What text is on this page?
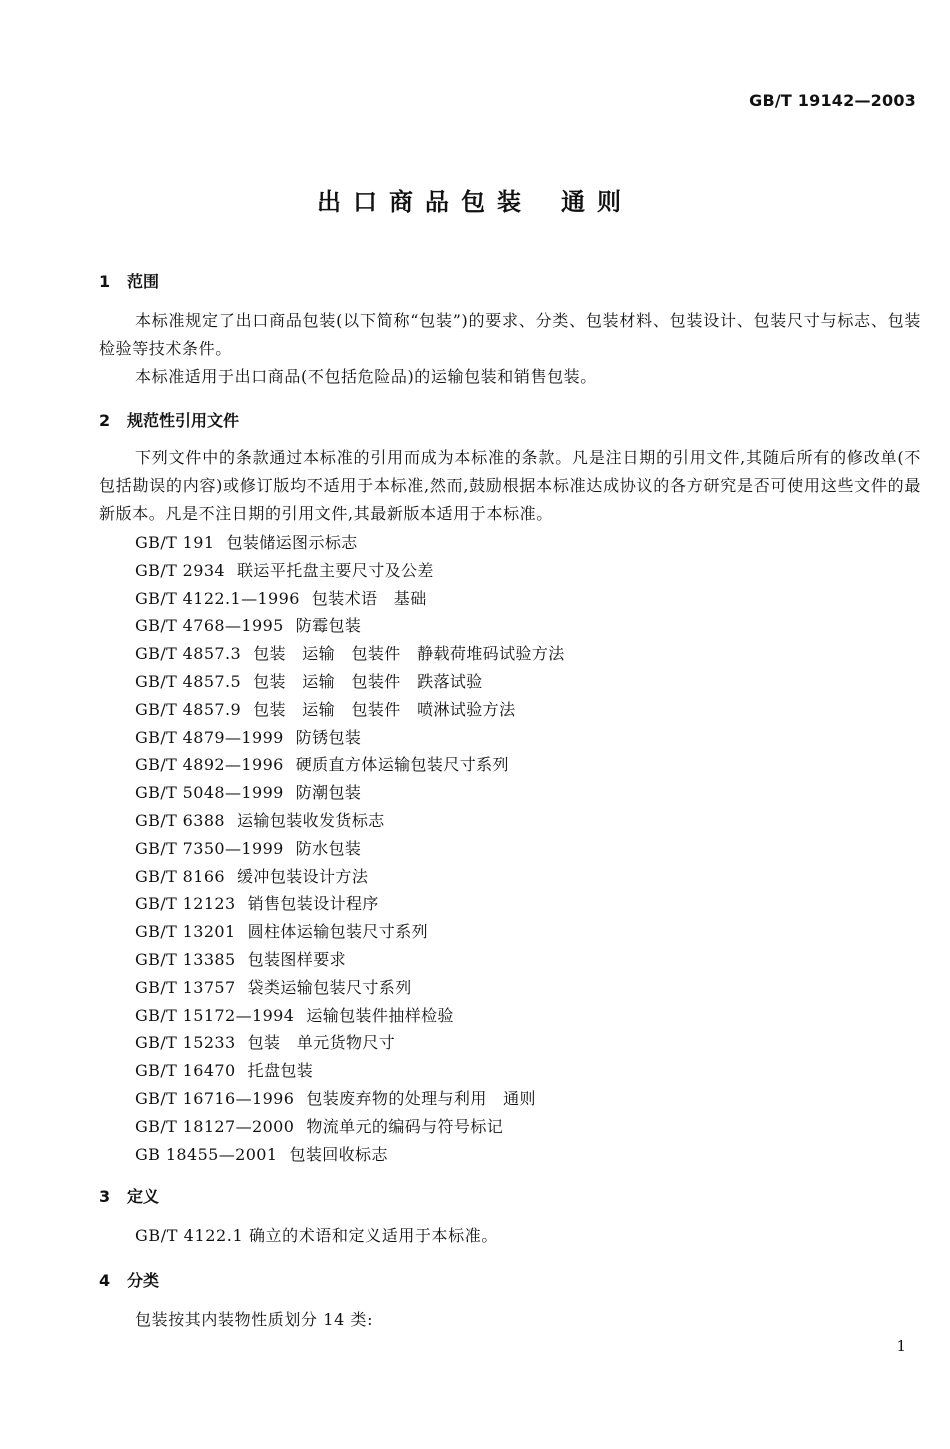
GB/T 19142—2003
出口商品包装 通则
1 范围
本标准规定了出口商品包装(以下简称“包装”)的要求、分类、包装材料、包装设计、包装尺寸与标志、包装检验等技术条件。
本标准适用于出口商品(不包括危险品)的运输包装和销售包装。
2 规范性引用文件
下列文件中的条款通过本标准的引用而成为本标准的条款。凡是注日期的引用文件,其随后所有的修改单(不包括勘误的内容)或修订版均不适用于本标准,然而,鼓励根据本标准达成协议的各方研究是否可使用这些文件的最新版本。凡是不注日期的引用文件,其最新版本适用于本标准。
GB/T 191 包装储运图示标志
GB/T 2934 联运平托盘主要尺寸及公差
GB/T 4122.1—1996 包装术语　基础
GB/T 4768—1995 防霉包装
GB/T 4857.3 包装　运输　包装件　静载荷堆码试验方法
GB/T 4857.5 包装　运输　包装件　跌落试验
GB/T 4857.9 包装　运输　包装件　喷淋试验方法
GB/T 4879—1999 防锈包装
GB/T 4892—1996 硬质直方体运输包装尺寸系列
GB/T 5048—1999 防潮包装
GB/T 6388 运输包装收发货标志
GB/T 7350—1999 防水包装
GB/T 8166 缓冲包装设计方法
GB/T 12123 销售包装设计程序
GB/T 13201 圆柱体运输包装尺寸系列
GB/T 13385 包装图样要求
GB/T 13757 袋类运输包装尺寸系列
GB/T 15172—1994 运输包装件抽样检验
GB/T 15233 包装　单元货物尺寸
GB/T 16470 托盘包装
GB/T 16716—1996 包装废弃物的处理与利用　通则
GB/T 18127—2000 物流单元的编码与符号标记
GB 18455—2001 包装回收标志
3 定义
GB/T 4122.1 确立的术语和定义适用于本标准。
4 分类
包装按其内装物性质划分 14 类:
1
